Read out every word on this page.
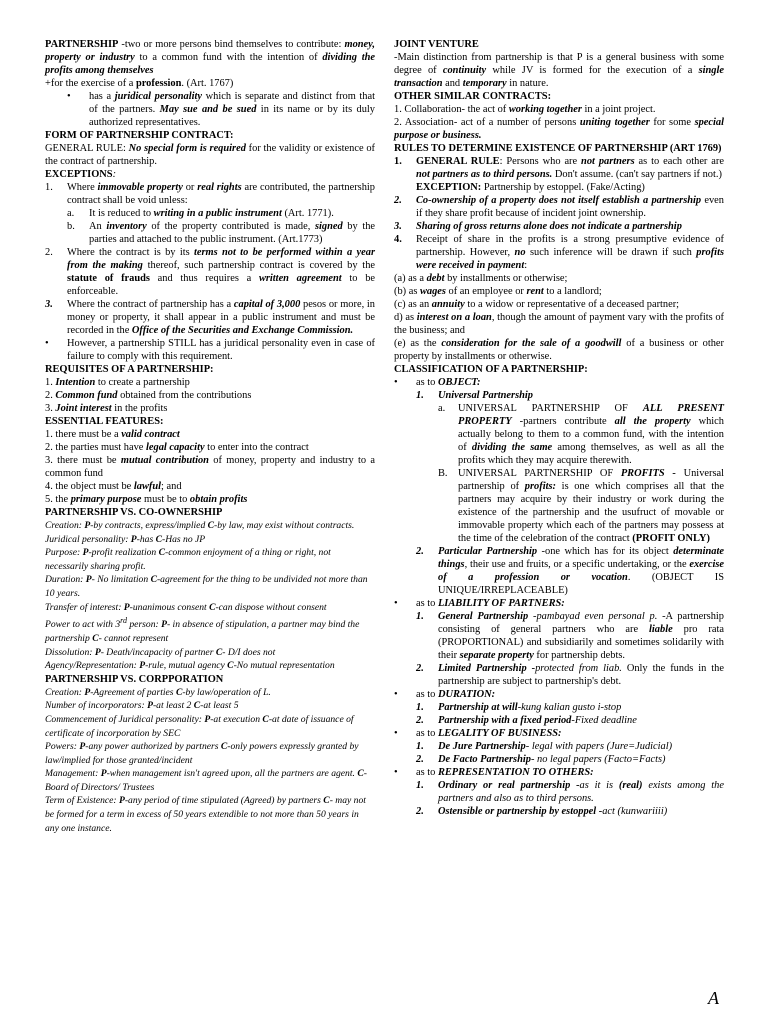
PARTNERSHIP -two or more persons bind themselves to contribute: money, property or industry to a common fund with the intention of dividing the profits among themselves

+for the exercise of a profession. (Art. 1767)

•	has a juridical personality which is separate and distinct from that of the partners. May sue and be sued in its name or by its duly authorized representatives.

FORM OF PARTNERSHIP CONTRACT:

GENERAL RULE: No special form is required for the validity or existence of the contract of partnership.

EXCEPTIONS:

1.	Where immovable property or real rights are contributed, the partnership contract shall be void unless:
a.	It is reduced to writing in a public instrument (Art. 1771).
b.	An inventory of the property contributed is made, signed by the parties and attached to the public instrument. (Art.1773)
2.	Where the contract is by its terms not to be performed within a year from the making thereof, such partnership contract is covered by the statute of frauds and thus requires a written agreement to be enforceable.
3.	Where the contract of partnership has a capital of 3,000 pesos or more, in money or property, it shall appear in a public instrument and must be recorded in the Office of the Securities and Exchange Commission.
•	However, a partnership STILL has a juridical personality even in case of failure to comply with this requirement.

REQUISITES OF A PARTNERSHIP:

1. Intention to create a partnership

2. Common fund obtained from the contributions

3. Joint interest in the profits

ESSENTIAL FEATURES:

1. there must be a valid contract

2. the parties must have legal capacity to enter into the contract

3. there must be mutual contribution of money, property and industry to a common fund

4. the object must be lawful; and

5. the primary purpose must be to obtain profits

PARTNERSHIP VS. CO-OWNERSHIP

Creation: P-by contracts, express/implied C-by law, may exist without contracts.

Juridical personality: P-has C-Has no JP

Purpose: P-profit realization C-common enjoyment of a thing or right, not necessarily sharing profit.

Duration: P- No limitation C-agreement for the thing to be undivided not more than 10 years.

Transfer of interest: P-unanimous consent C-can dispose without consent

Power to act with 3rd person: P- in absence of stipulation, a partner may bind the partnership C- cannot represent

Dissolution: P- Death/incapacity of partner C- D/I does not

Agency/Representation: P-rule, mutual agency C-No mutual representation

PARTNERSHIP VS. CORPPORATION

Creation: P-Agreement of parties C-by law/operation of L.

Number of incorporators: P-at least 2 C-at least 5

Commencement of Juridical personality: P-at execution C-at date of issuance of certificate of incorporation by SEC

Powers: P-any power authorized by partners C-only powers expressly granted by law/implied for those granted/incident

Management: P-when management isn't agreed upon, all the partners are agent. C- Board of Directors/ Trustees

Term of Existence: P-any period of time stipulated (Agreed) by partners C- may not be formed for a term in excess of 50 years extendible to not more than 50 years in any one instance.

JOINT VENTURE

-Main distinction from partnership is that P is a general business with some degree of continuity while JV is formed for the execution of a single transaction and temporary in nature.

OTHER SIMILAR CONTRACTS:

1. Collaboration- the act of working together in a joint project.

2. Association- act of a number of persons uniting together for some special purpose or business.

RULES TO DETERMINE EXISTENCE OF PARTNERSHIP (ART 1769)

1.	GENERAL RULE: Persons who are not partners as to each other are not partners as to third persons. Don't assume. (can't say partners if not.)

EXCEPTION: Partnership by estoppel. (Fake/Acting)

2.	Co-ownership of a property does not itself establish a partnership even if they share profit because of incident joint ownership.
3.	Sharing of gross returns alone does not indicate a partnership
4.	Receipt of share in the profits is a strong presumptive evidence of partnership. However, no such inference will be drawn if such profits were received in payment:

(a) as a debt by installments or otherwise;

(b) as wages of an employee or rent to a landlord;

(c) as an annuity to a widow or representative of a deceased partner;

d) as interest on a loan, though the amount of payment vary with the profits of the business; and

(e) as the consideration for the sale of a goodwill of a business or other property by installments or otherwise.

CLASSIFICATION OF A PARTNERSHIP:

•	as to OBJECT:
1.	Universal Partnership
a.	UNIVERSAL PARTNERSHIP OF ALL PRESENT PROPERTY -partners contribute all the property which actually belong to them to a common fund, with the intention of dividing the same among themselves, as well as all the profits which they may acquire therewith.
B.	UNIVERSAL PARTNERSHIP OF PROFITS - Universal partnership of profits: is one which comprises all that the partners may acquire by their industry or work during the existence of the partnership and the usufruct of movable or immovable property which each of the partners may possess at the time of the celebration of the contract (PROFIT ONLY)
2.	Particular Partnership -one which has for its object determinate things, their use and fruits, or a specific undertaking, or the exercise of a profession or vocation. (OBJECT IS UNIQUE/IRREPLACEABLE)
•	as to LIABILITY OF PARTNERS:
1.	General Partnership -pambayad even personal p. -A partnership consisting of general partners who are liable pro rata (PROPORTIONAL) and subsidiarily and sometimes solidarily with their separate property for partnership debts.
2.	Limited Partnership -protected from liab. Only the funds in the partnership are subject to partnership's debt.
•	as to DURATION:
1.	Partnership at will-kung kalian gusto i-stop
2.	Partnership with a fixed period-Fixed deadline
•	as to LEGALITY OF BUSINESS:
1.	De Jure Partnership- legal with papers (Jure=Judicial)
2.	De Facto Partnership- no legal papers (Facto=Facts)
•	as to REPRESENTATION TO OTHERS:
1.	Ordinary or real partnership -as it is (real) exists among the partners and also as to third persons.
2.	Ostensible or partnership by estoppel -act (kunwariiii)
A
